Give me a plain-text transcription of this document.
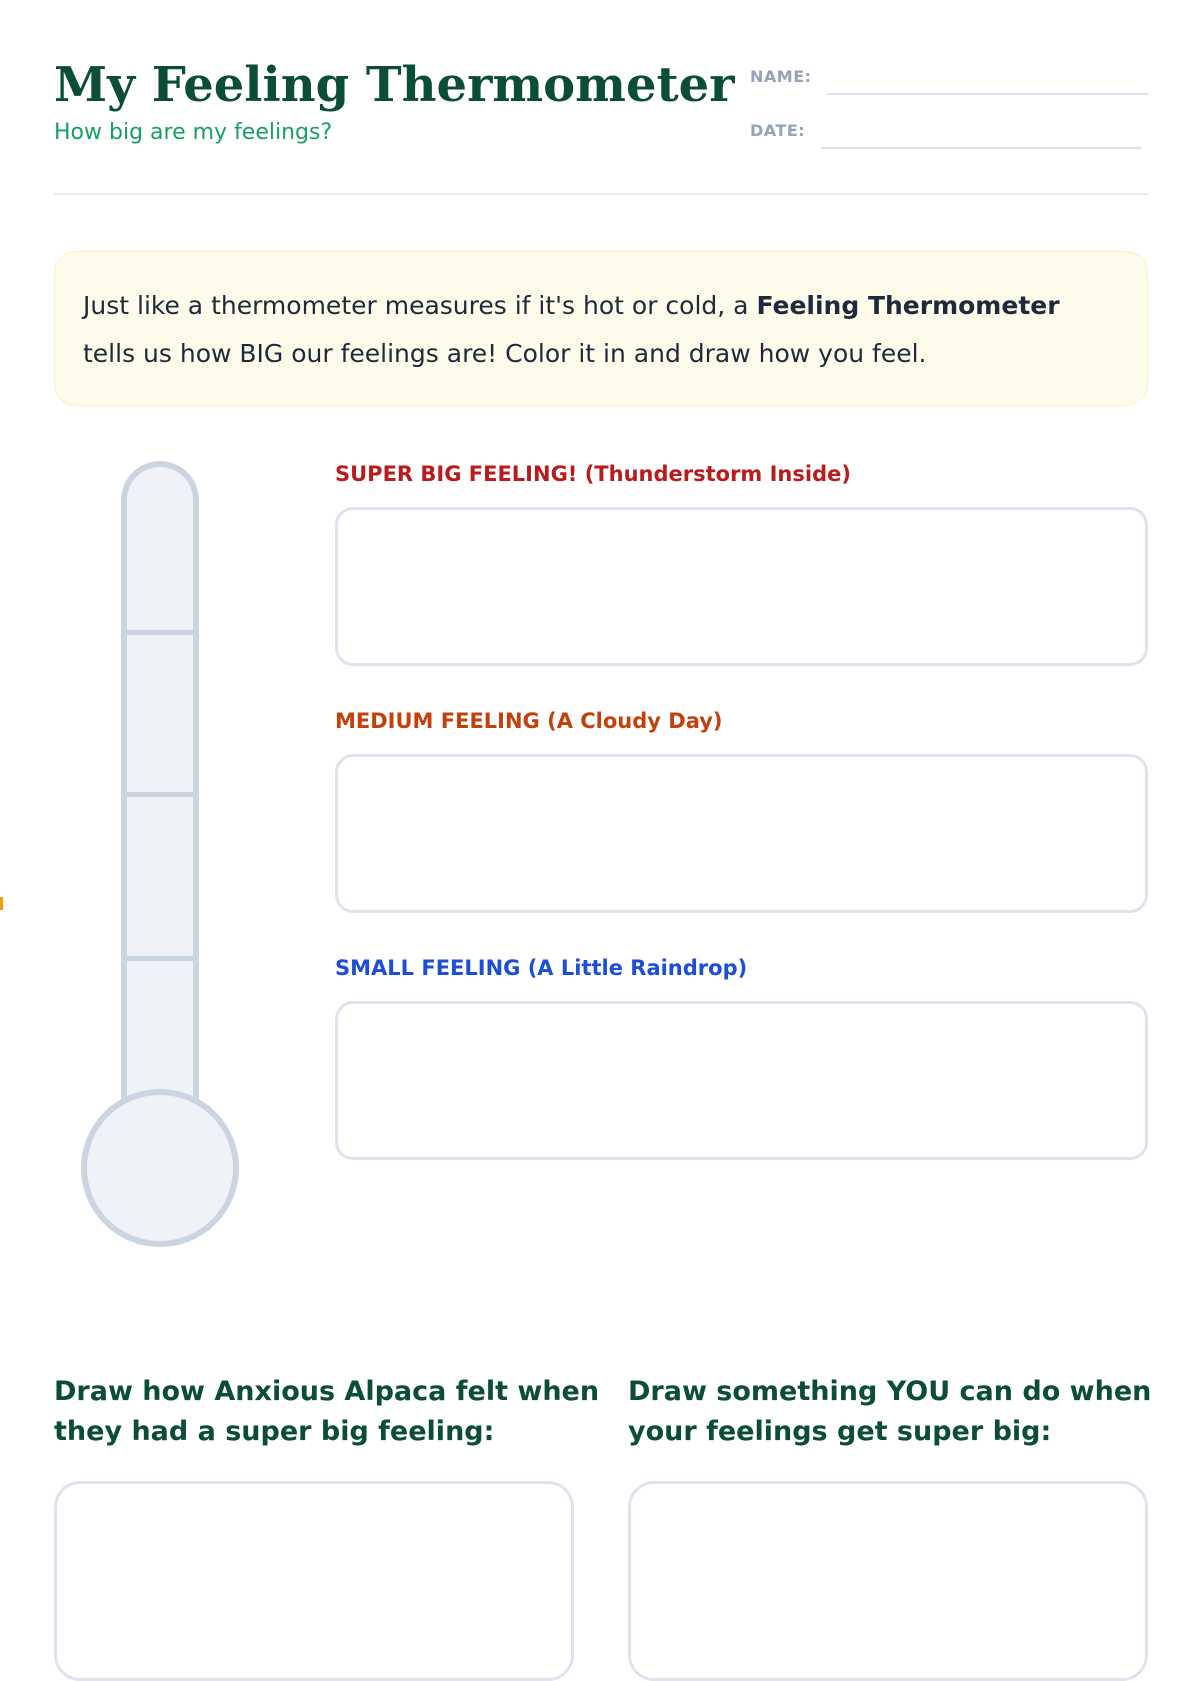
My Feeling Thermometer

How big are my feelings?

NAME:
DATE:

Just like a thermometer measures if it's hot or cold, a Feeling Thermometer tells us how BIG our feelings are! Color it in and draw how you feel.

SUPER BIG FEELING! (Thunderstorm Inside)
MEDIUM FEELING (A Cloudy Day)
SMALL FEELING (A Little Raindrop)

Draw how Anxious Alpaca felt when they had a super big feeling:

Draw something YOU can do when your feelings get super big:
